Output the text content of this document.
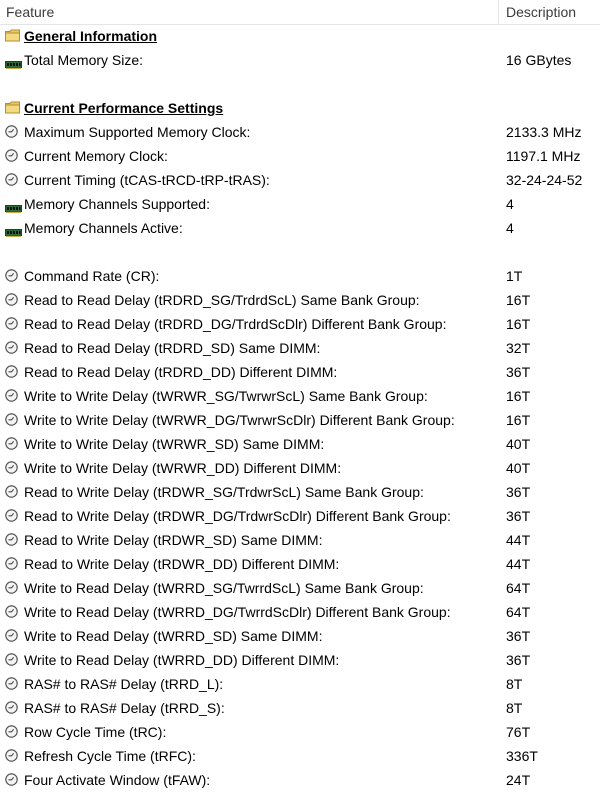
Feature	Description
General Information
Total Memory Size:	16 GBytes
Current Performance Settings
Maximum Supported Memory Clock:	2133.3 MHz
Current Memory Clock:	1197.1 MHz
Current Timing (tCAS-tRCD-tRP-tRAS):	32-24-24-52
Memory Channels Supported:	4
Memory Channels Active:	4
Command Rate (CR):	1T
Read to Read Delay (tRDRD_SG/TrdrdScL) Same Bank Group:	16T
Read to Read Delay (tRDRD_DG/TrdrdScDlr) Different Bank Group:	16T
Read to Read Delay (tRDRD_SD) Same DIMM:	32T
Read to Read Delay (tRDRD_DD) Different DIMM:	36T
Write to Write Delay (tWRWR_SG/TwrwrScL) Same Bank Group:	16T
Write to Write Delay (tWRWR_DG/TwrwrScDlr) Different Bank Group:	16T
Write to Write Delay (tWRWR_SD) Same DIMM:	40T
Write to Write Delay (tWRWR_DD) Different DIMM:	40T
Read to Write Delay (tRDWR_SG/TrdwrScL) Same Bank Group:	36T
Read to Write Delay (tRDWR_DG/TrdwrScDlr) Different Bank Group:	36T
Read to Write Delay (tRDWR_SD) Same DIMM:	44T
Read to Write Delay (tRDWR_DD) Different DIMM:	44T
Write to Read Delay (tWRRD_SG/TwrrdScL) Same Bank Group:	64T
Write to Read Delay (tWRRD_DG/TwrrdScDlr) Different Bank Group:	64T
Write to Read Delay (tWRRD_SD) Same DIMM:	36T
Write to Read Delay (tWRRD_DD) Different DIMM:	36T
RAS# to RAS# Delay (tRRD_L):	8T
RAS# to RAS# Delay (tRRD_S):	8T
Row Cycle Time (tRC):	76T
Refresh Cycle Time (tRFC):	336T
Four Activate Window (tFAW):	24T
